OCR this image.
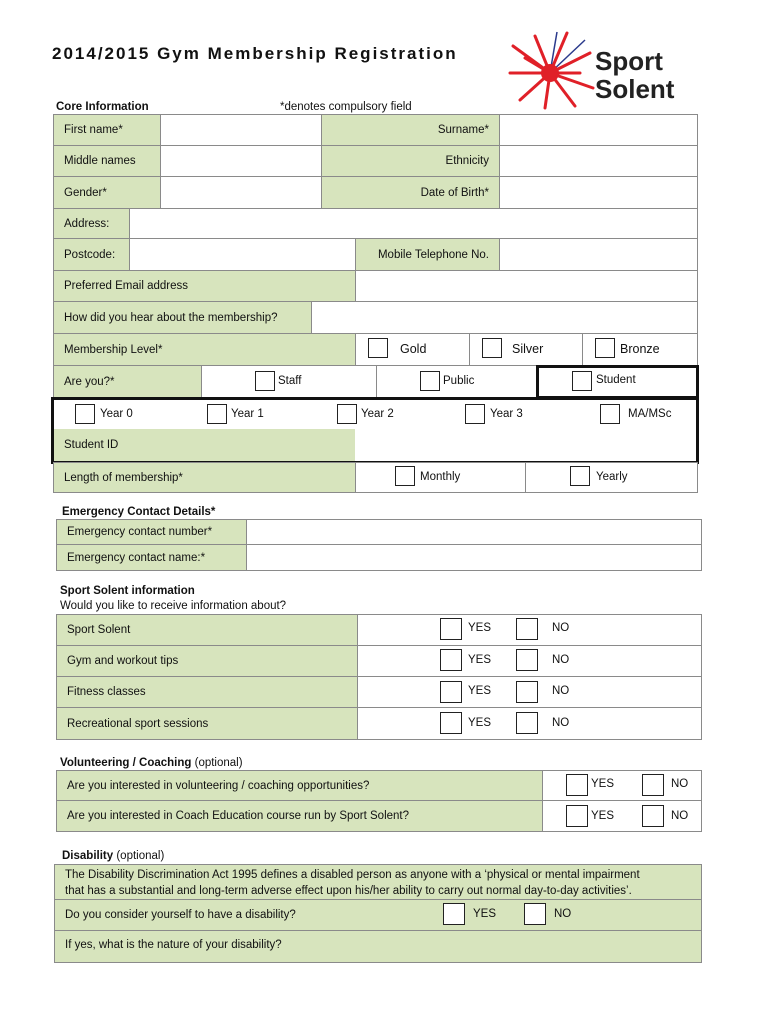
2014/2015 Gym Membership Registration	Sport
Solent
Core Information	*denotes compulsory field
First name*	Surname*
Middle names	Ethnicity
Gender*	Date of Birth*
Address:
Postcode:	Mobile Telephone No.
Preferred Email address
How did you hear about the membership?
Membership Level*	Gold	Silver	Bronze
Are you?*	Staff	Public	Student
Year 0	Year 1	Year 2	Year 3	MA/MSc
Student ID
Length of membership*	Monthly	Yearly
Emergency Contact Details*
Emergency contact number*
Emergency contact name:*
Sport Solent information
Would you like to receive information about?
Sport Solent	YES	NO
Gym and workout tips	YES	NO
Fitness classes	YES	NO
Recreational sport sessions	YES	NO
Volunteering / Coaching (optional)
Are you interested in volunteering / coaching opportunities?	YES	NO
Are you interested in Coach Education course run by Sport Solent?	YES	NO
Disability (optional)
The Disability Discrimination Act 1995 defines a disabled person as anyone with a ‘physical or mental impairment
that has a substantial and long-term adverse effect upon his/her ability to carry out normal day-to-day activities’.
Do you consider yourself to have a disability?	YES	NO
If yes, what is the nature of your disability?
